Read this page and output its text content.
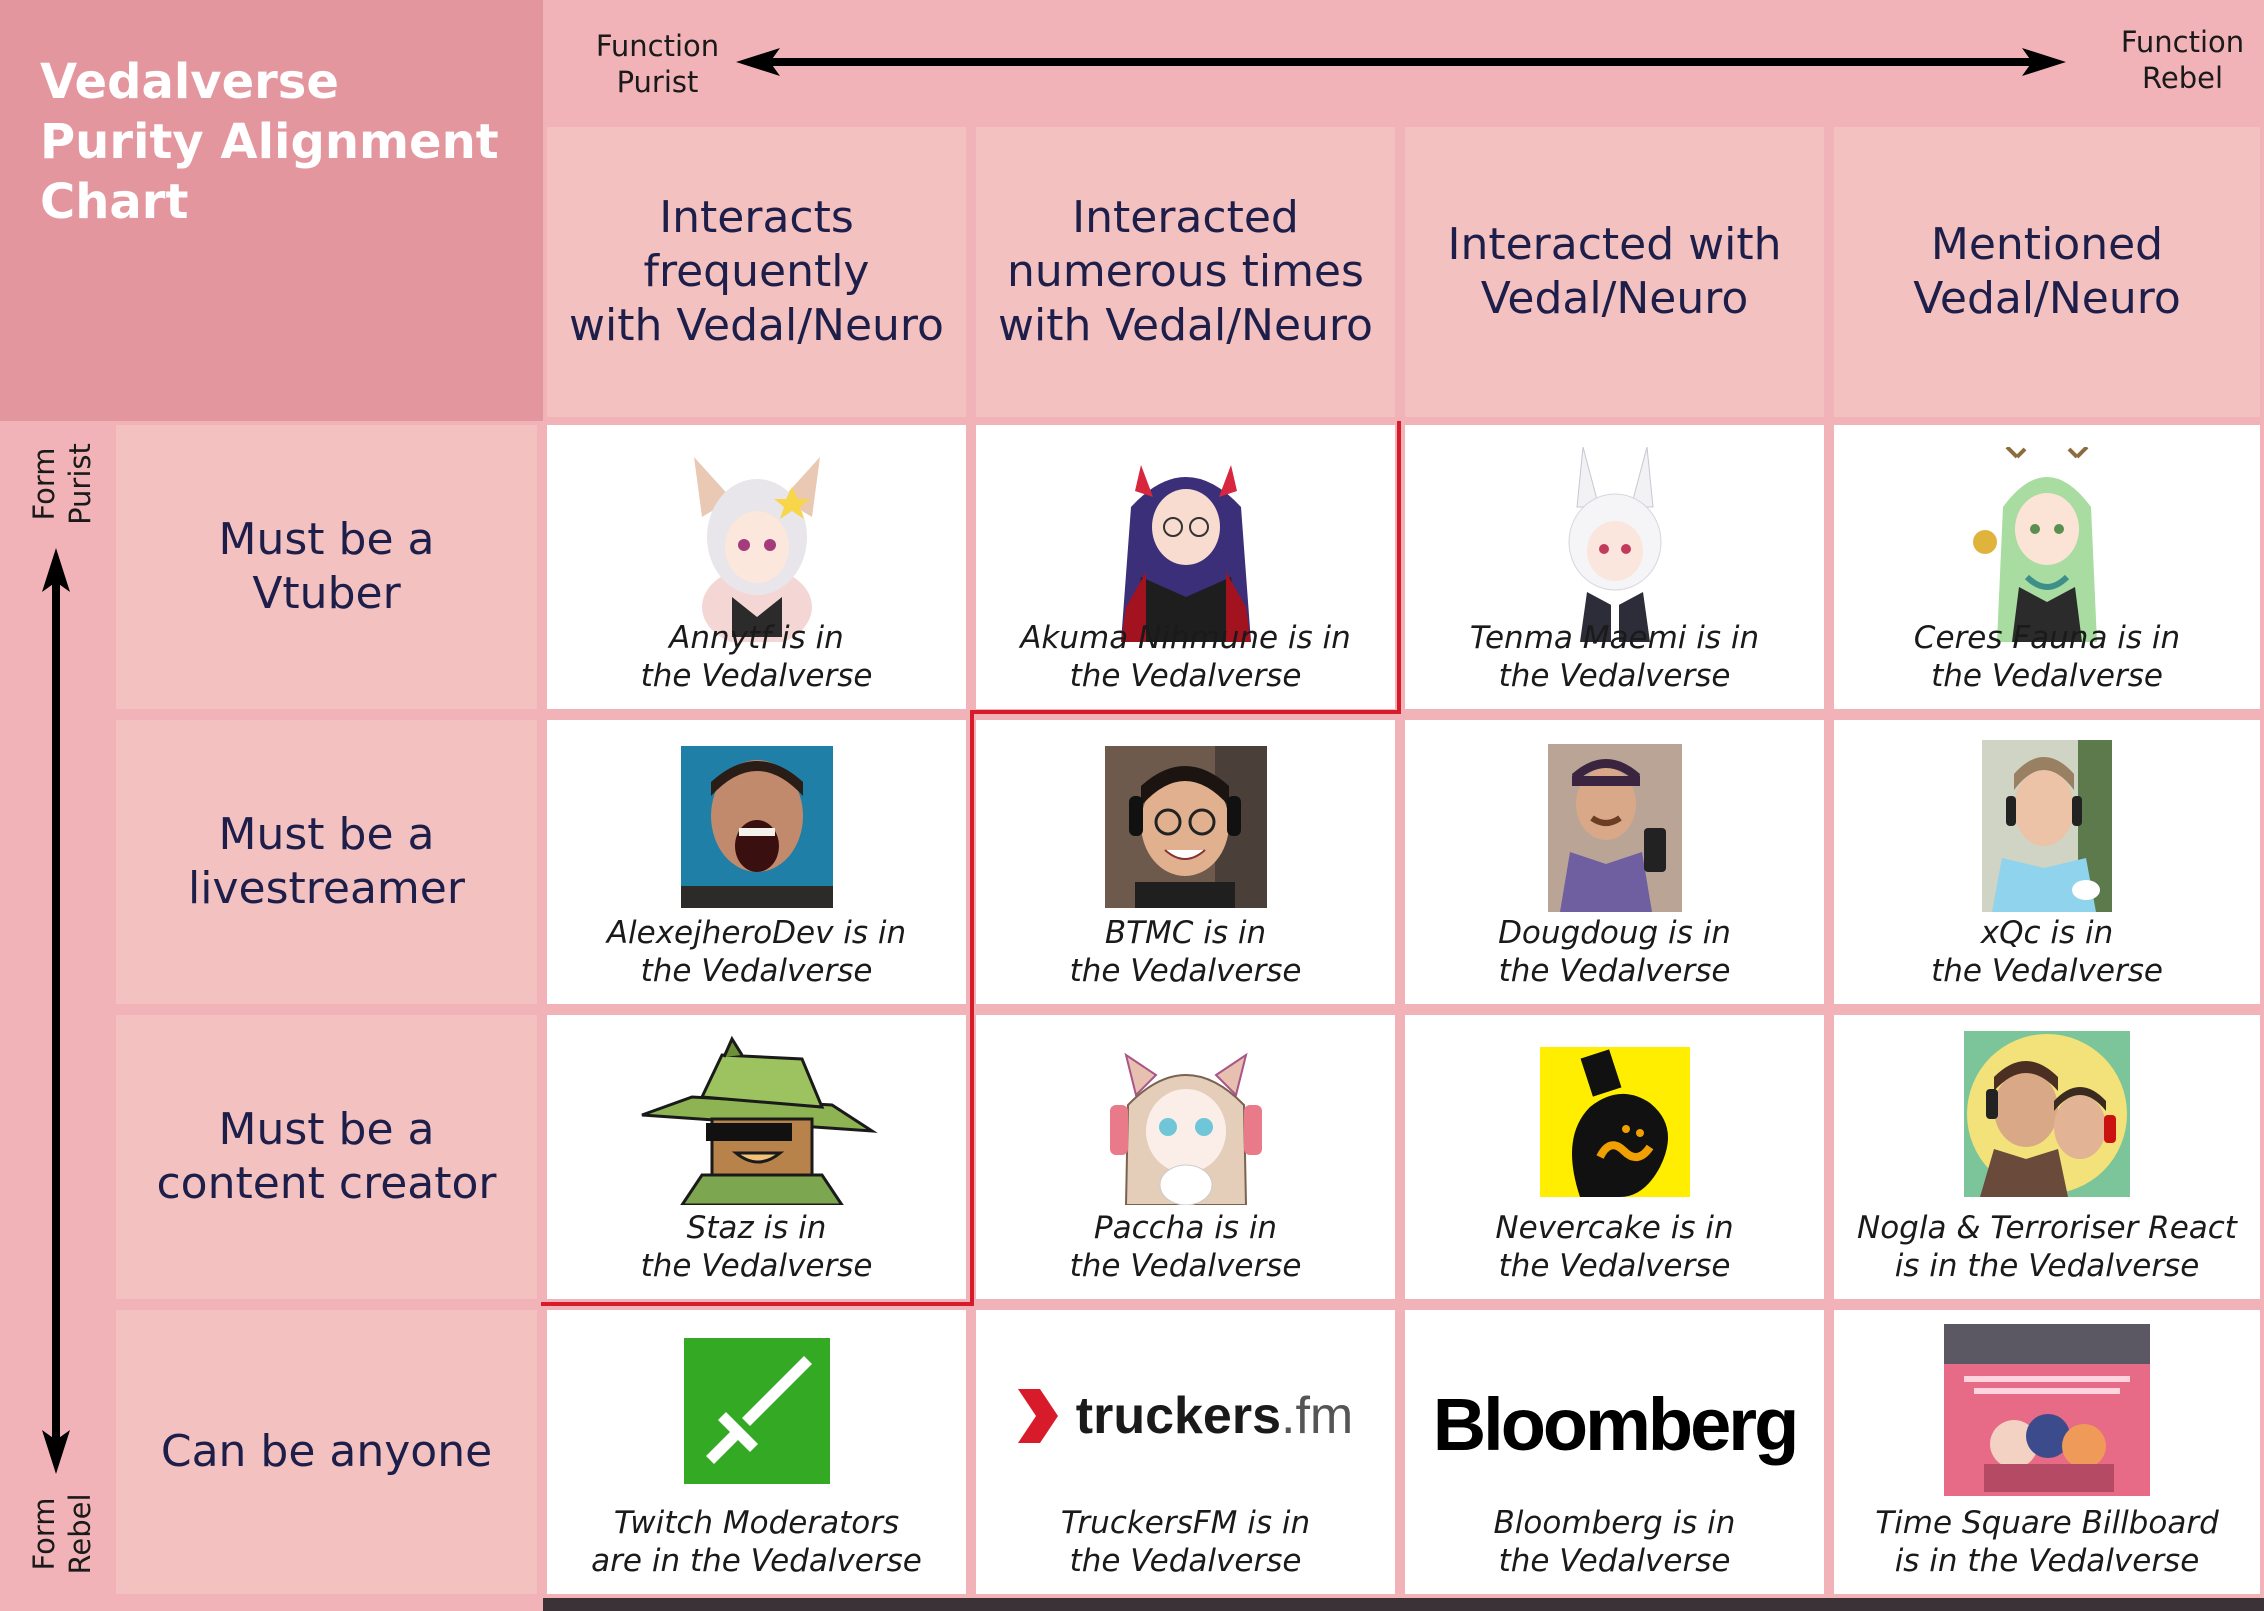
Vedalverse
Purity Alignment
Chart
Function
Purist
Function
Rebel
Form
Purist
Form
Rebel
Interacts
frequently
with Vedal/Neuro
Interacted
numerous times
with Vedal/Neuro
Interacted with
Vedal/Neuro
Mentioned
Vedal/Neuro
Must be a
Vtuber
Must be a
livestreamer
Must be a
content creator
Can be anyone
Annytf is in
the Vedalverse
Akuma Nihmune is in
the Vedalverse
Tenma Maemi is in
the Vedalverse
Ceres Fauna is in
the Vedalverse
AlexejheroDev is in
the Vedalverse
BTMC is in
the Vedalverse
Dougdoug is in
the Vedalverse
xQc is in
the Vedalverse
Staz is in
the Vedalverse
Paccha is in
the Vedalverse
Nevercake is in
the Vedalverse
Nogla & Terroriser React
is in the Vedalverse
Twitch Moderators
are in the Vedalverse
truckers .fm
TruckersFM is in
the Vedalverse
Bloomberg
Bloomberg is in
the Vedalverse
Time Square Billboard
is in the Vedalverse
